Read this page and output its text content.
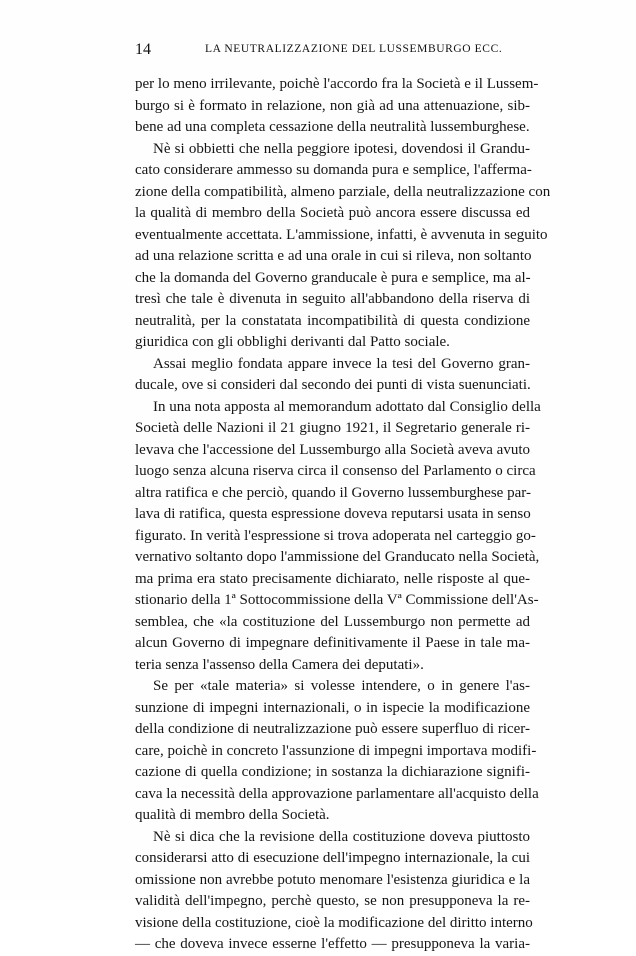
14	LA NEUTRALIZZAZIONE DEL LUSSEMBURGO ECC.
per lo meno irrilevante, poichè l'accordo fra la Società e il Lussem-
burgo si è formato in relazione, non già ad una attenuazione, sib-
bene ad una completa cessazione della neutralità lussemburghese.
Nè si obbietti che nella peggiore ipotesi, dovendosi il Grandu-
cato considerare ammesso su domanda pura e semplice, l'afferma-
zione della compatibilità, almeno parziale, della neutralizzazione con
la qualità di membro della Società può ancora essere discussa ed
eventualmente accettata. L'ammissione, infatti, è avvenuta in seguito
ad una relazione scritta e ad una orale in cui si rileva, non soltanto
che la domanda del Governo granducale è pura e semplice, ma al-
tresì che tale è divenuta in seguito all'abbandono della riserva di
neutralità, per la constatata incompatibilità di questa condizione
giuridica con gli obblighi derivanti dal Patto sociale.
Assai meglio fondata appare invece la tesi del Governo gran-
ducale, ove si consideri dal secondo dei punti di vista suenunciati.
In una nota apposta al memorandum adottato dal Consiglio della
Società delle Nazioni il 21 giugno 1921, il Segretario generale ri-
levava che l'accessione del Lussemburgo alla Società aveva avuto
luogo senza alcuna riserva circa il consenso del Parlamento o circa
altra ratifica e che perciò, quando il Governo lussemburghese par-
lava di ratifica, questa espressione doveva reputarsi usata in senso
figurato. In verità l'espressione si trova adoperata nel carteggio go-
vernativo soltanto dopo l'ammissione del Granducato nella Società,
ma prima era stato precisamente dichiarato, nelle risposte al que-
stionario della 1ª Sottocommissione della Vª Commissione dell'As-
semblea, che «la costituzione del Lussemburgo non permette ad
alcun Governo di impegnare definitivamente il Paese in tale ma-
teria senza l'assenso della Camera dei deputati».
Se per «tale materia» si volesse intendere, o in genere l'as-
sunzione di impegni internazionali, o in ispecie la modificazione
della condizione di neutralizzazione può essere superfluo di ricer-
care, poichè in concreto l'assunzione di impegni importava modifi-
cazione di quella condizione; in sostanza la dichiarazione signifi-
cava la necessità della approvazione parlamentare all'acquisto della
qualità di membro della Società.
Nè si dica che la revisione della costituzione doveva piuttosto
considerarsi atto di esecuzione dell'impegno internazionale, la cui
omissione non avrebbe potuto menomare l'esistenza giuridica e la
validità dell'impegno, perchè questo, se non presupponeva la re-
visione della costituzione, cioè la modificazione del diritto interno
— che doveva invece esserne l'effetto — presupponeva la varia-
